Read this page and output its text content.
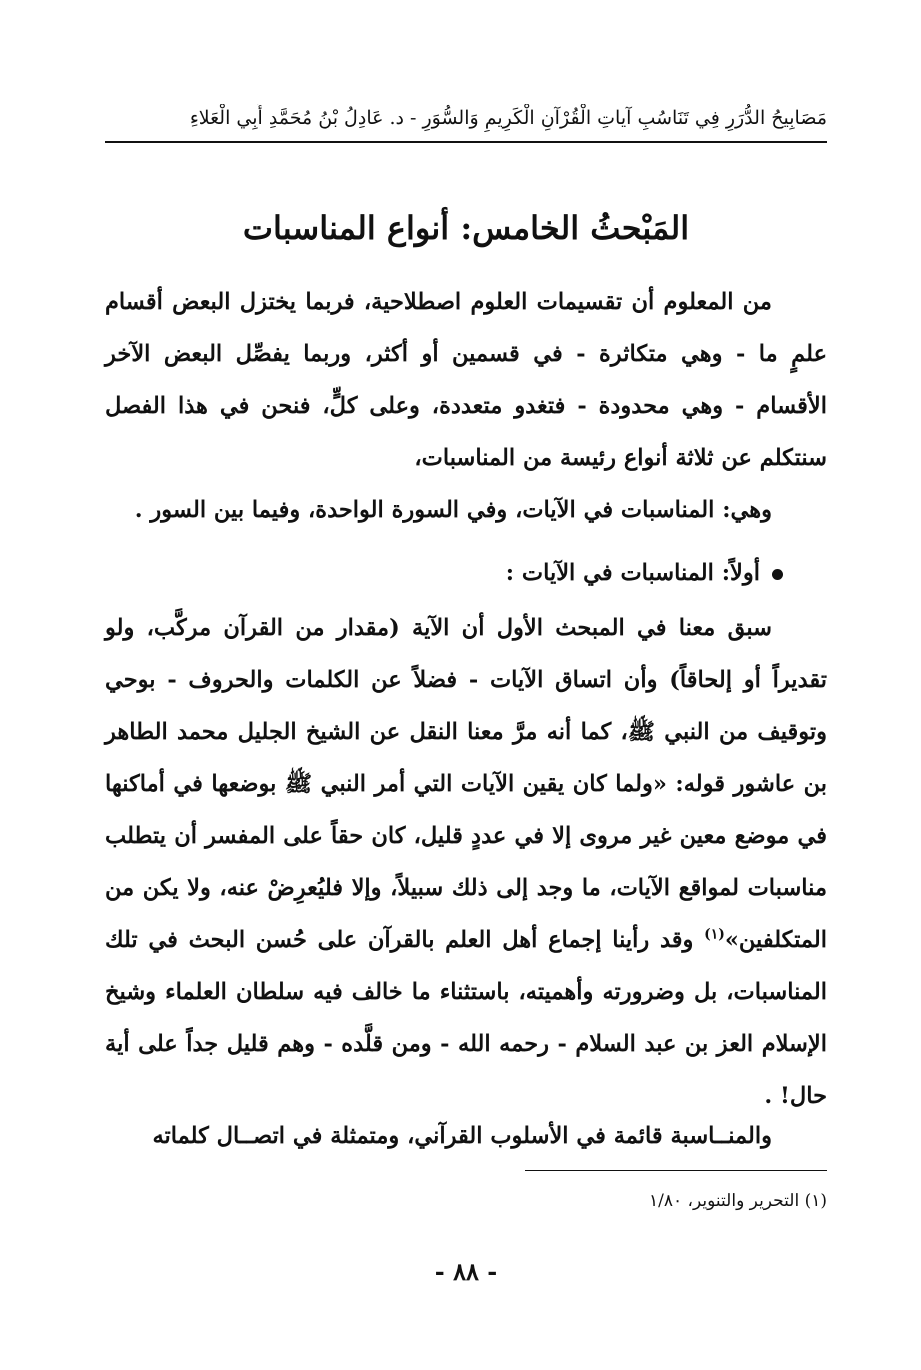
مَصَابِيحُ الدُّرَرِ فِي تَنَاسُبِ آياتِ الْقُرْآنِ الْكَرِيمِ وَالسُّوَرِ - د. عَادِلُ بْنُ مُحَمَّدِ أَبِي الْعَلاءِ
المَبْحثُ الخامس: أنواع المناسبات
من المعلوم أن تقسيمات العلوم اصطلاحية، فربما يختزل البعض أقسام علمٍ ما - وهي متكاثرة - في قسمين أو أكثر، وربما يفصِّل البعض الآخر الأقسام - وهي محدودة - فتغدو متعددة، وعلى كلٍّ، فنحن في هذا الفصل سنتكلم عن ثلاثة أنواع رئيسة من المناسبات،
وهي: المناسبات في الآيات، وفي السورة الواحدة، وفيما بين السور .
أولاً: المناسبات في الآيات :
سبق معنا في المبحث الأول أن الآية (مقدار من القرآن مركَّب، ولو تقديراً أو إلحاقاً) وأن اتساق الآيات - فضلاً عن الكلمات والحروف - بوحي وتوقيف من النبي ﷺ، كما أنه مرَّ معنا النقل عن الشيخ الجليل محمد الطاهر بن عاشور قوله: «ولما كان يقين الآيات التي أمر النبي ﷺ بوضعها في أماكنها في موضع معين غير مروى إلا في عددٍ قليل، كان حقاً على المفسر أن يتطلب مناسبات لمواقع الآيات، ما وجد إلى ذلك سبيلاً، وإلا فليُعرِضْ عنه، ولا يكن من المتكلفين»$^{(١)}$ وقد رأينا إجماع أهل العلم بالقرآن على حُسن البحث في تلك المناسبات، بل وضرورته وأهميته، باستثناء ما خالف فيه سلطان العلماء وشيخ الإسلام العز بن عبد السلام - رحمه الله - ومن قلَّده - وهم قليل جداً على أية حال! .
والمنــاسبة قائمة في الأسلوب القرآني، ومتمثلة في اتصــال كلماته
(١) التحرير والتنوير، ١/٨٠
- ٨٨ -
